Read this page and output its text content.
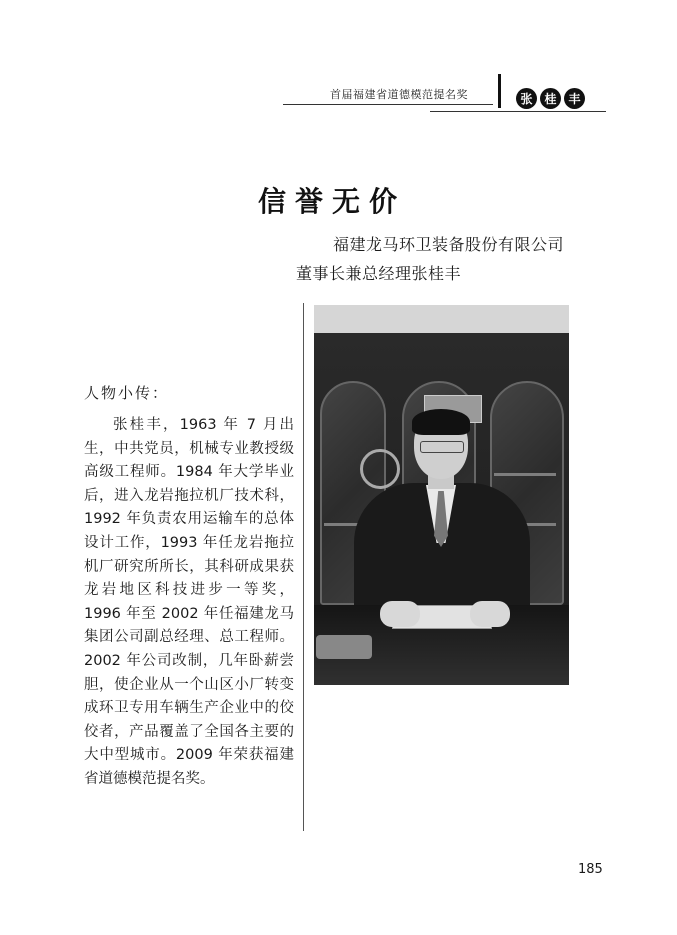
首届福建省道德模范提名奖	张 桂 丰
信誉无价
福建龙马环卫装备股份有限公司
董事长兼总经理张桂丰
人物小传：
张桂丰，1963 年 7 月出生，中共党员，机械专业教授级高级工程师。1984 年大学毕业后，进入龙岩拖拉机厂技术科，1992 年负责农用运输车的总体设计工作，1993 年任龙岩拖拉机厂研究所所长，其科研成果获龙岩地区科技进步一等奖，1996 年至 2002 年任福建龙马集团公司副总经理、总工程师。2002 年公司改制，几年卧薪尝胆，使企业从一个山区小厂转变成环卫专用车辆生产企业中的佼佼者，产品覆盖了全国各主要的大中型城市。2009 年荣获福建省道德模范提名奖。
185
